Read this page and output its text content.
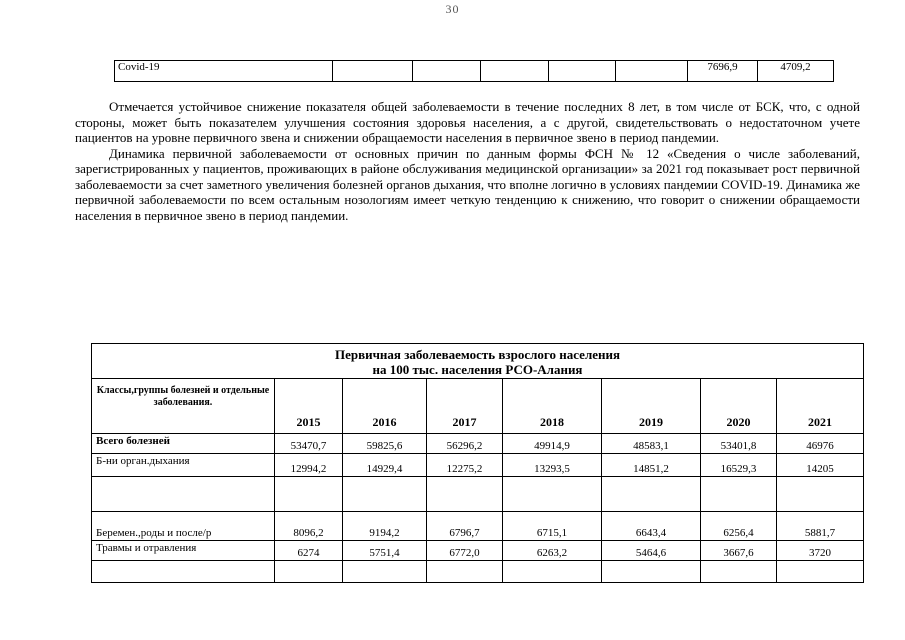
30
Covid-19						7696,9	4709,2

Отмечается устойчивое снижение показателя общей заболеваемости в течение последних 8 лет, в том числе от БСК, что, с одной стороны, может быть показателем улучшения состояния здоровья населения, а с другой, свидетельствовать о недостаточном учете пациентов на уровне первичного звена и снижении обращаемости населения в первичное звено в период пандемии.

Динамика первичной заболеваемости от основных причин по данным формы ФСН № 12 «Сведения о числе заболеваний, зарегистрированных у пациентов, проживающих в районе обслуживания медицинской организации» за 2021 год показывает рост первичной заболеваемости за счет заметного увеличения болезней органов дыхания, что вполне логично в условиях пандемии COVID-19. Динамика же первичной заболеваемости по всем остальным нозологиям имеет четкую тенденцию к снижению, что говорит о снижении обращаемости населения в первичное звено в период пандемии.

Первичная заболеваемость взрослого населения
на 100 тыс. населения РСО-Алания							

Классы,группы болезней и отдельные заболевания.	2015	2016	2017	2018	2019	2020	2021
Всего болезней	53470,7	59825,6	56296,2	49914,9	48583,1	53401,8	46976
Б-ни орган.дыхания	12994,2	14929,4	12275,2	13293,5	14851,2	16529,3	14205

Беремен.,роды и после/р	8096,2	9194,2	6796,7	6715,1	6643,4	6256,4	5881,7
Травмы и отравления	6274	5751,4	6772,0	6263,2	5464,6	3667,6	3720
